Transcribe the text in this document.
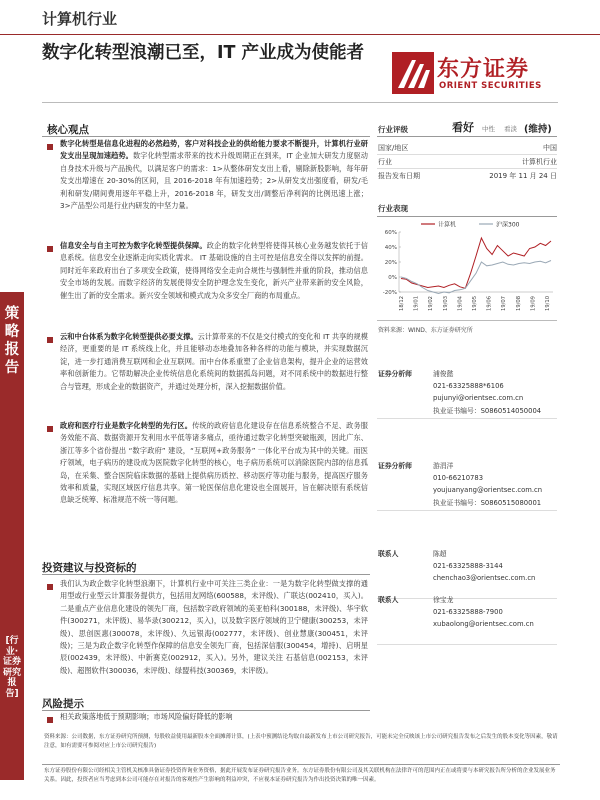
计算机行业
数字化转型浪潮已至，IT 产业成为使能者
东方证券
ORIENT SECURITIES
策略报告
[行业·证券研究报告]
核心观点
数字化转型是信息化进程的必然趋势，客户对科技企业的供给能力要求不断提升，计算机行业研发支出呈现加速趋势。数字化转型需求带来的技术升级周期正在到来，IT 企业加大研发力度驱动自身技术升级与产品换代，以满足客户的需求：1>从整体研发支出上看，剔除新股影响，每年研发支出增速在 20-30%的区间，且 2016-2018 年有加速趋势；2>从研发支出强度看，研发/毛利和研发/期间费用逐年平稳上升，2016-2018 年，研发支出/调整后净利润的比例迅速上涨；3>产品型公司是行业内研发的中坚力量。
信息安全与自主可控为数字化转型提供保障。政企的数字化转型将使得其核心业务越发依托于信息系统。信息安全业逐渐走向实质化需求。 IT 基础设施的自主可控是信息安全得以发挥的前提。同时近年来政府出台了多项安全政策，使得网络安全走向合规性与强制性并重的阶段，推动信息安全市场的发展。而数字经济的发展使得安全防护理念发生变化，新兴产业带来新的安全风险，催生出了新的安全需求。新兴安全领域和模式成为众多安全厂商的布局重点。
云和中台体系为数字化转型提供必要支撑。云计算带来的不仅是交付模式的变化和 IT 共享的规模经济，更重要的是 IT 系统线上化，并且能够动态地叠加各种各样的功能与模块，并实现数据沉淀，进一步打通消费互联网和企业互联网。而中台体系重塑了企业信息架构，提升企业的运营效率和创新能力。它帮助解决企业传统信息化系统间的数据孤岛问题，对不同系统中的数据进行整合与管理，形成企业的数据资产，并通过处理分析，深入挖掘数据价值。
政府和医疗行业是数字化转型的先行区。传统的政府信息化建设存在信息系统整合不足、政务服务效能不高、数据资源开发利用水平低等诸多痛点，亟待通过数字化转型突破瓶颈，因此广东、浙江等多个省份提出 “数字政府” 建设，“互联网+政务服务” 一体化平台成为其中的关键。而医疗领域，电子病历的建设成为医院数字化转型的核心，电子病历系统可以消除医院内部的信息孤岛，在采集、整合医院临床数据的基础上提供病历质控、移动医疗等功能与服务，提高医疗服务效率和质量，实现区域医疗信息共享。第一轮医保信息化建设也全面展开，旨在解决原有系统信息缺乏统筹、标准规范不统一等问题。
投资建议与投资标的
我们认为政企数字化转型浪潮下，计算机行业中可关注三类企业：一是为数字化转型做支撑的通用型或行业型云计算服务提供方，包括用友网络(600588，未评级)、广联达(002410，买入)。二是重点产业信息化建设的领先厂商，包括数字政府领域的美亚柏科(300188，未评级)、华宇软件(300271，未评级)、易华录(300212，买入)，以及数字医疗领域的卫宁健康(300253，未评级)、思创医惠(300078，未评级)、久远银海(002777，未评级)、创业慧康(300451，未评级)；三是为政企数字化转型作保障的信息安全领先厂商，包括深信服(300454，增持)、启明星辰(002439，未评级)、中新赛克(002912，买入)。另外，建议关注 石基信息(002153，未评级)、超图软件(300036，未评级)、绿盟科技(300369，未评级)。
风险提示
相关政策落地低于预期影响；市场风险偏好降低的影响
资料来源：公司数据，东方证券研究所预测，每股收益使用最新股本全面摊薄计算，(上表中预测结论均取自最新发布上市公司研究报告，可能未完全反映该上市公司研究报告发布之后发生的股本变化等因素，敬请注意，如有需要可参阅对应上市公司研究报告)
东方证券股份有限公司经相关主管机关核准具备证券投资咨询业务资格，据此开展发布证券研究报告业务。东方证券股份有限公司及其关联机构在法律许可的范围内正在或将要与本研究报告所分析的企业发展业务关系。因此，投资者应当考虑到本公司可能存在对报告的客观性产生影响的利益冲突，不应视本证券研究报告为作出投资决策的唯一因素。
行业评级	看好 中性 看淡 (维持)
国家/地区	中国
行业	计算机行业
报告发布日期	2019 年 11 月 24 日
行业表现
计算机	沪深300
60%
40%
20%
0%
-20%
18/12 19/01 19/02 19/03 19/04 19/05 19/06 19/07 19/08 19/09 19/10
资料来源：WIND、东方证券研究所
证券分析师	浦俊懿
021-63325888*6106
pujunyi@orientsec.com.cn
执业证书编号：S0860514050004
证券分析师	游涓洋
010-66210783
youjuanyang@orientsec.com.cn
执业证书编号：S0860515080001
联系人	陈超
021-63325888-3144
chenchao3@orientsec.com.cn
联系人	徐宝龙
021-63325888-7900
xubaolong@orientsec.com.cn
